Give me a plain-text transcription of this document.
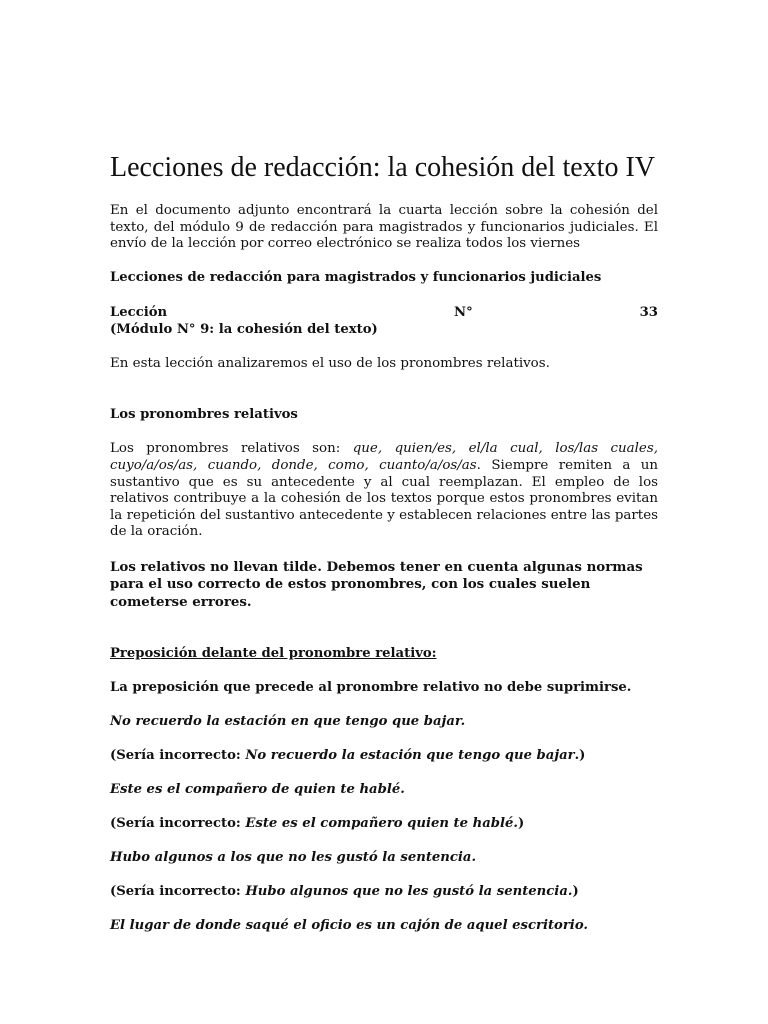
Lecciones de redacción: la cohesión del texto IV

En el documento adjunto encontrará la cuarta lección sobre la cohesión del texto, del módulo 9 de redacción para magistrados y funcionarios judiciales. El envío de la lección por correo electrónico se realiza todos los viernes

Lecciones de redacción para magistrados y funcionarios judiciales

Lección	N°	33

(Módulo N° 9: la cohesión del texto)

En esta lección analizaremos el uso de los pronombres relativos.

Los pronombres relativos

Los pronombres relativos son: que, quien/es, el/la cual, los/las cuales, cuyo/a/os/as, cuando, donde, como, cuanto/a/os/as. Siempre remiten a un sustantivo que es su antecedente y al cual reemplazan. El empleo de los relativos contribuye a la cohesión de los textos porque estos pronombres evitan la repetición del sustantivo antecedente y establecen relaciones entre las partes de la oración.

Los relativos no llevan tilde. Debemos tener en cuenta algunas normas para el uso correcto de estos pronombres, con los cuales suelen cometerse errores.

Preposición delante del pronombre relativo:

La preposición que precede al pronombre relativo no debe suprimirse.

No recuerdo la estación en que tengo que bajar.

(Sería incorrecto: No recuerdo la estación que tengo que bajar.)

Este es el compañero de quien te hablé.

(Sería incorrecto: Este es el compañero quien te hablé.)

Hubo algunos a los que no les gustó la sentencia.

(Sería incorrecto: Hubo algunos que no les gustó la sentencia.)

El lugar de donde saqué el oficio es un cajón de aquel escritorio.
